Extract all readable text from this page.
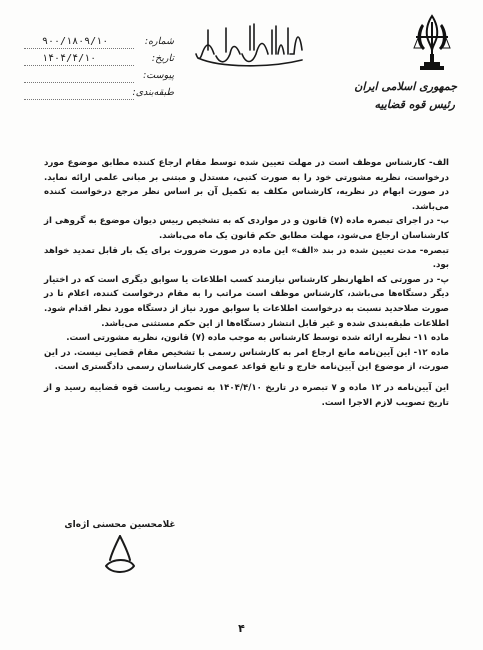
جمهوری اسلامی ایران
رئیس قوه قضاییه
شماره:
۹۰۰/۱۸۰۹/۱۰
تاریخ:
۱۴۰۴/۴/۱۰
پیوست:
طبقه‌بندی:

الف- کارشناس موظف است در مهلت تعیین شده توسط مقام ارجاع کننده مطابق موضوع مورد درخواست، نظریه مشورتی خود را به صورت کتبی، مستدل و مبتنی بر مبانی علمی ارائه نماید. در صورت ابهام در نظریه، کارشناس مکلف به تکمیل آن بر اساس نظر مرجع درخواست کننده می‌باشد.

ب- در اجرای تبصره ماده (۷) قانون و در مواردی که به تشخیص رییس دیوان موضوع به گروهی از کارشناسان ارجاع می‌شود، مهلت مطابق حکم قانون یک ماه می‌باشد.

تبصره- مدت تعیین شده در بند «الف» این ماده در صورت ضرورت برای یک بار قابل تمدید خواهد بود.

پ- در صورتی که اظهارنظر کارشناس نیازمند کسب اطلاعات یا سوابق دیگری است که در اختیار دیگر دستگاه‌ها می‌باشد، کارشناس موظف است مراتب را به مقام درخواست کننده، اعلام تا در صورت صلاحدید نسبت به درخواست اطلاعات یا سوابق مورد نیاز از دستگاه مورد نظر اقدام شود. اطلاعات طبقه‌بندی شده و غیر قابل انتشار دستگاه‌ها از این حکم مستثنی می‌باشد.

ماده ۱۱- نظریه ارائه شده توسط کارشناس به موجب ماده (۷) قانون، نظریه مشورتی است.

ماده ۱۲- این آیین‌نامه مانع ارجاع امر به کارشناس رسمی با تشخیص مقام قضایی نیست. در این صورت، از موضوع این آیین‌نامه خارج و تابع قواعد عمومی کارشناسان رسمی دادگستری است.

این آیین‌نامه در ۱۲ ماده و ۷ تبصره در تاریخ ۱۴۰۴/۴/۱۰ به تصویب ریاست قوه قضاییه رسید و از تاریخ تصویب لازم الاجرا است.

غلامحسین محسنی اژه‌ای
۴
